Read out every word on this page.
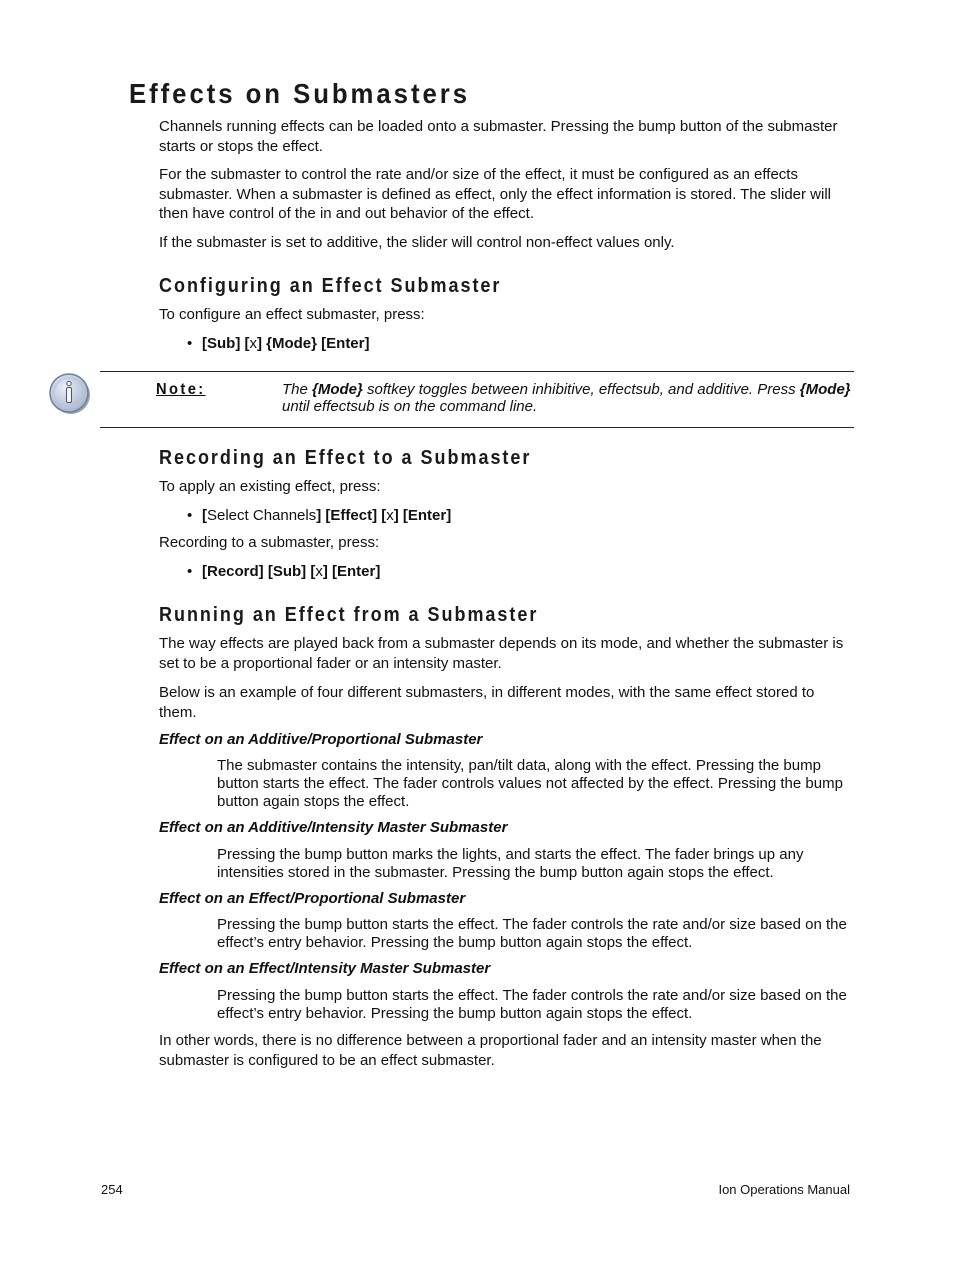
Effects on Submasters

Channels running effects can be loaded onto a submaster. Pressing the bump button of the submaster starts or stops the effect.

For the submaster to control the rate and/or size of the effect, it must be configured as an effects submaster. When a submaster is defined as effect, only the effect information is stored. The slider will then have control of the in and out behavior of the effect.

If the submaster is set to additive, the slider will control non-effect values only.

Configuring an Effect Submaster

To configure an effect submaster, press:

• [Sub] [x] {Mode} [Enter]
Note:	The {Mode} softkey toggles between inhibitive, effectsub, and additive. Press {Mode} until effectsub is on the command line.
Recording an Effect to a Submaster

To apply an existing effect, press:

• [Select Channels] [Effect] [x] [Enter]

Recording to a submaster, press:

• [Record] [Sub] [x] [Enter]
Running an Effect from a Submaster

The way effects are played back from a submaster depends on its mode, and whether the submaster is set to be a proportional fader or an intensity master.

Below is an example of four different submasters, in different modes, with the same effect stored to them.

Effect on an Additive/Proportional Submaster

The submaster contains the intensity, pan/tilt data, along with the effect. Pressing the bump button starts the effect. The fader controls values not affected by the effect. Pressing the bump button again stops the effect.

Effect on an Additive/Intensity Master Submaster

Pressing the bump button marks the lights, and starts the effect. The fader brings up any intensities stored in the submaster. Pressing the bump button again stops the effect.

Effect on an Effect/Proportional Submaster

Pressing the bump button starts the effect. The fader controls the rate and/or size based on the effect’s entry behavior. Pressing the bump button again stops the effect.

Effect on an Effect/Intensity Master Submaster

Pressing the bump button starts the effect. The fader controls the rate and/or size based on the effect’s entry behavior. Pressing the bump button again stops the effect.

In other words, there is no difference between a proportional fader and an intensity master when the submaster is configured to be an effect submaster.

254	Ion Operations Manual
